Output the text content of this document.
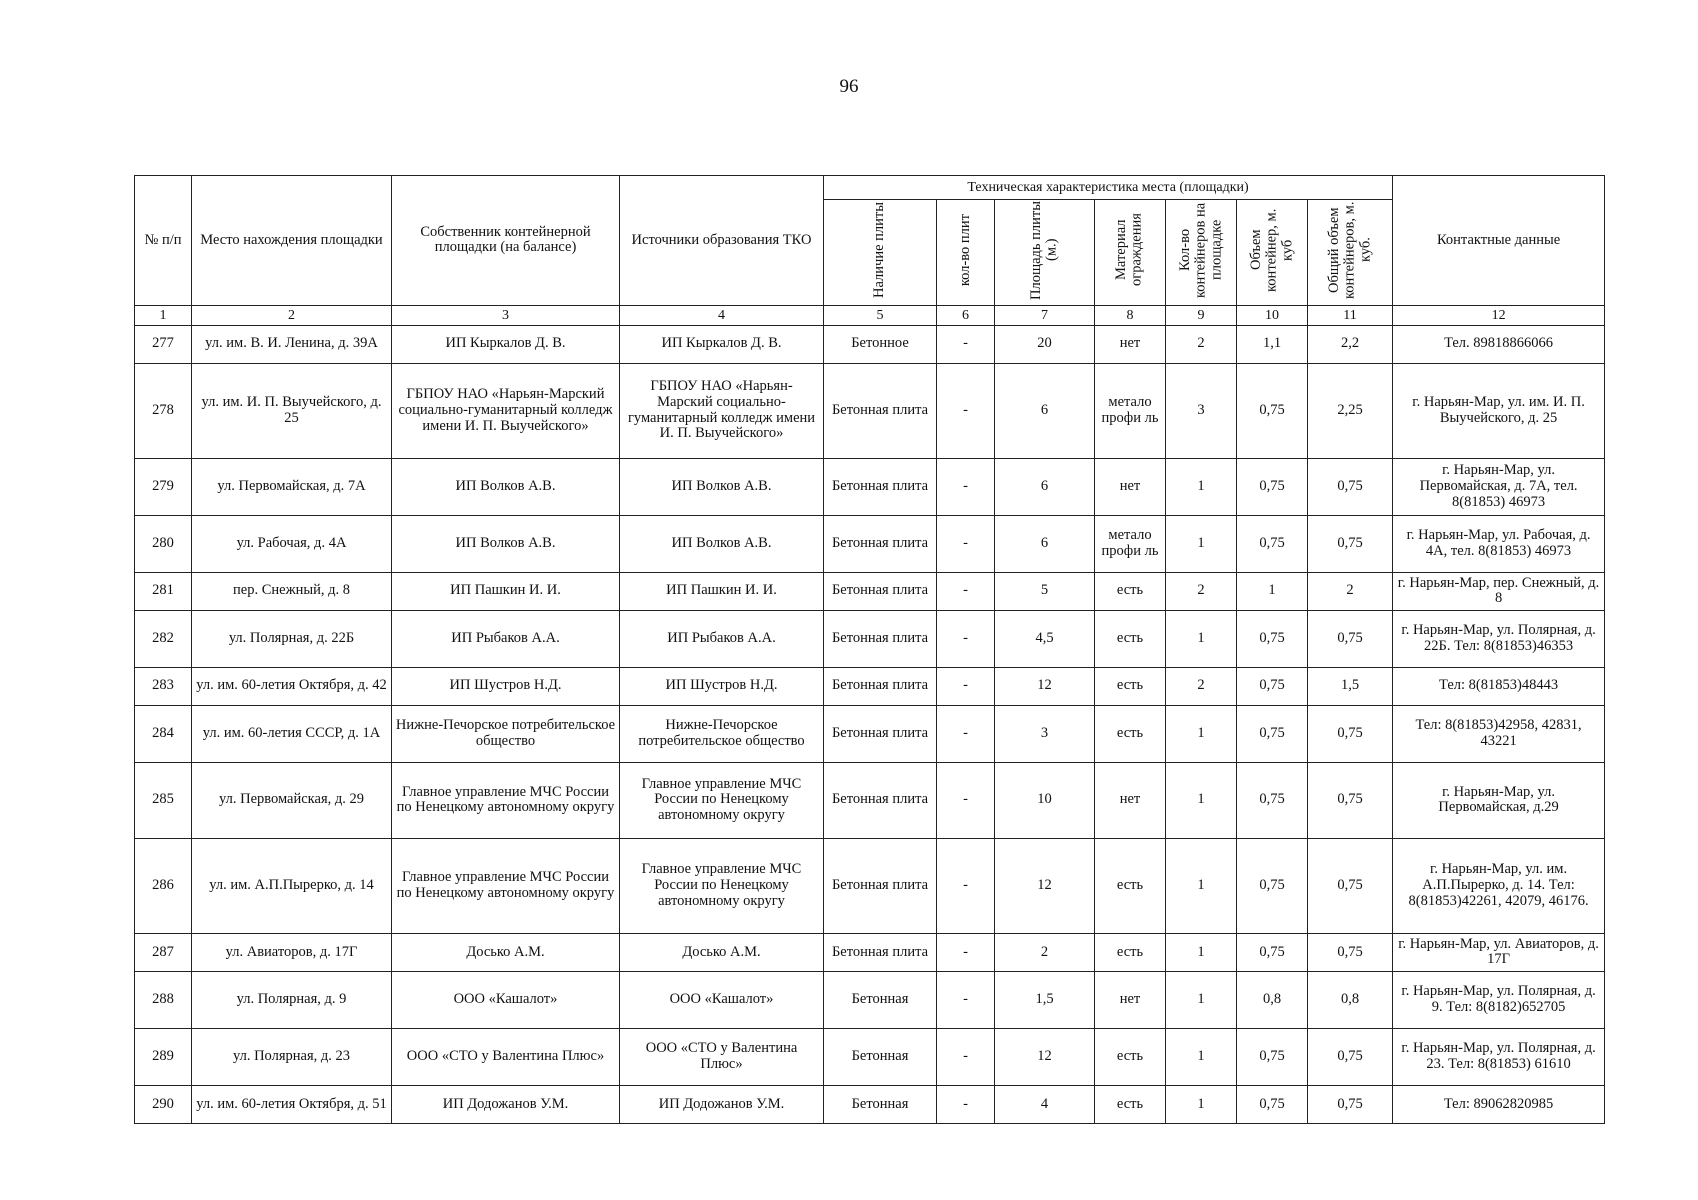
96
№ п/п	Место нахождения площадки	Собственник контейнерной площадки (на балансе)	Источники образования ТКО	Техническая характеристика места (площадки)							Контактные данные
				Наличие плиты	кол-во плит	Площадь плиты (м.)	Материал ограждения	Кол-во контейнеров на площадке	Объем контейнер, м. куб	Общий объем контейнеров, м. куб.	
1	2	3	4	5	6	7	8	9	10	11	12
277	ул. им. В. И. Ленина, д. 39А	ИП Кыркалов Д. В.	ИП Кыркалов Д. В.	Бетонное	-	20	нет	2	1,1	2,2	Тел. 89818866066
278	ул. им. И. П. Выучейского, д. 25	ГБПОУ НАО «Нарьян-Марский социально-гуманитарный колледж имени И. П. Выучейского»	ГБПОУ НАО «Нарьян-Марский социально-гуманитарный колледж имени И. П. Выучейского»	Бетонная плита	-	6	метало профи ль	3	0,75	2,25	г. Нарьян-Мар, ул. им. И. П. Выучейского, д. 25
279	ул. Первомайская, д. 7А	ИП Волков А.В.	ИП Волков А.В.	Бетонная плита	-	6	нет	1	0,75	0,75	г. Нарьян-Мар, ул. Первомайская, д. 7А, тел. 8(81853) 46973
280	ул. Рабочая, д. 4А	ИП Волков А.В.	ИП Волков А.В.	Бетонная плита	-	6	метало профи ль	1	0,75	0,75	г. Нарьян-Мар, ул. Рабочая, д. 4А, тел. 8(81853) 46973
281	пер. Снежный, д. 8	ИП Пашкин И. И.	ИП Пашкин И. И.	Бетонная плита	-	5	есть	2	1	2	г. Нарьян-Мар, пер. Снежный, д. 8
282	ул. Полярная, д. 22Б	ИП Рыбаков А.А.	ИП Рыбаков А.А.	Бетонная плита	-	4,5	есть	1	0,75	0,75	г. Нарьян-Мар, ул. Полярная, д. 22Б. Тел: 8(81853)46353
283	ул. им. 60-летия Октября, д. 42	ИП Шустров Н.Д.	ИП Шустров Н.Д.	Бетонная плита	-	12	есть	2	0,75	1,5	Тел: 8(81853)48443
284	ул. им. 60-летия СССР, д. 1А	Нижне-Печорское потребительское общество	Нижне-Печорское потребительское общество	Бетонная плита	-	3	есть	1	0,75	0,75	Тел: 8(81853)42958, 42831, 43221
285	ул. Первомайская, д. 29	Главное управление МЧС России по Ненецкому автономному округу	Главное управление МЧС России по Ненецкому автономному округу	Бетонная плита	-	10	нет	1	0,75	0,75	г. Нарьян-Мар, ул. Первомайская, д.29
286	ул. им. А.П.Пырерко, д. 14	Главное управление МЧС России по Ненецкому автономному округу	Главное управление МЧС России по Ненецкому автономному округу	Бетонная плита	-	12	есть	1	0,75	0,75	г. Нарьян-Мар, ул. им. А.П.Пырерко, д. 14. Тел: 8(81853)42261, 42079, 46176.
287	ул. Авиаторов, д. 17Г	Досько А.М.	Досько А.М.	Бетонная плита	-	2	есть	1	0,75	0,75	г. Нарьян-Мар, ул. Авиаторов, д. 17Г
288	ул. Полярная, д. 9	ООО «Кашалот»	ООО «Кашалот»	Бетонная	-	1,5	нет	1	0,8	0,8	г. Нарьян-Мар, ул. Полярная, д. 9. Тел: 8(8182)652705
289	ул. Полярная, д. 23	ООО «СТО у Валентина Плюс»	ООО «СТО у Валентина Плюс»	Бетонная	-	12	есть	1	0,75	0,75	г. Нарьян-Мар, ул. Полярная, д. 23. Тел: 8(81853) 61610
290	ул. им. 60-летия Октября, д. 51	ИП Додожанов У.М.	ИП Додожанов У.М.	Бетонная	-	4	есть	1	0,75	0,75	Тел: 89062820985
